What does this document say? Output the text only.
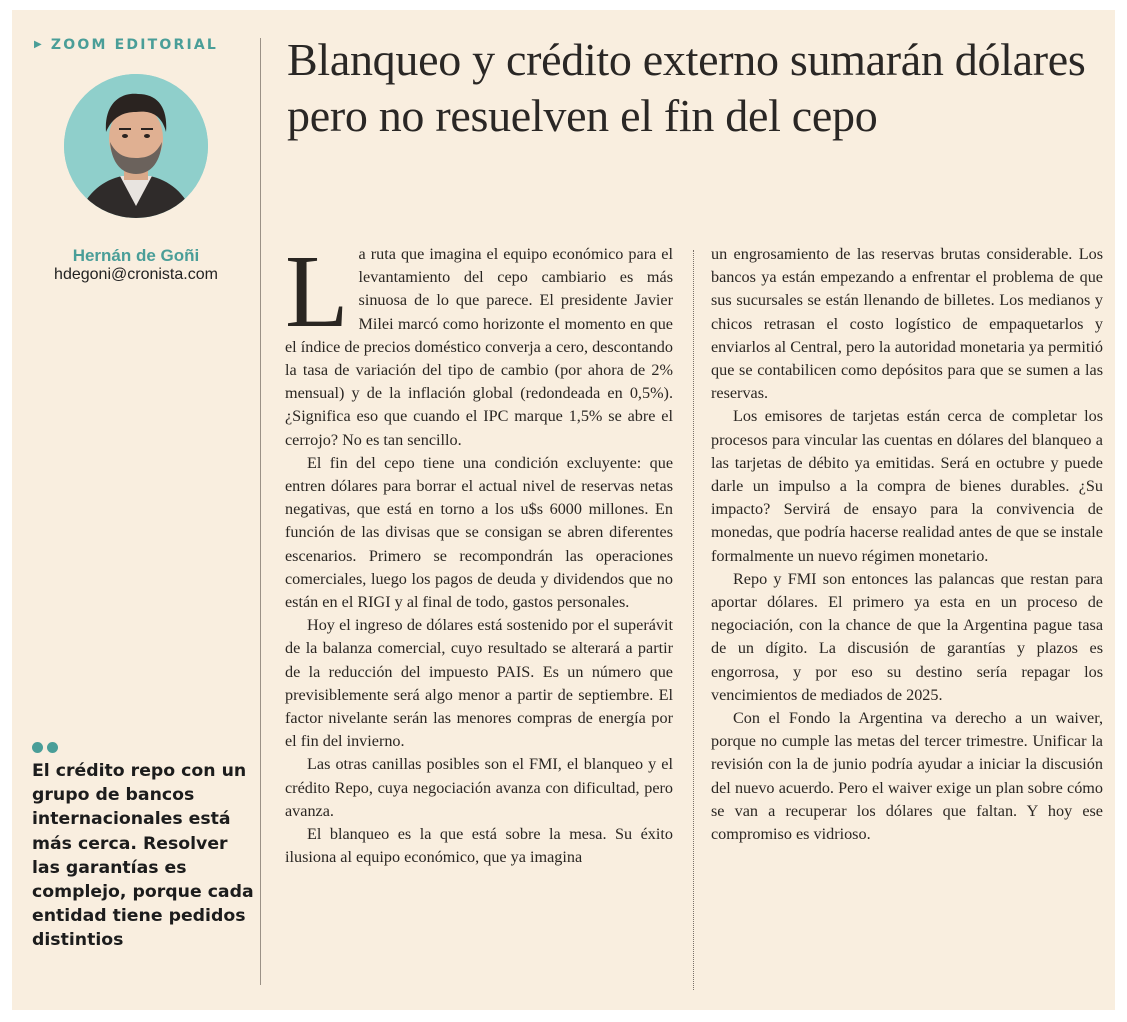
▶ ZOOM EDITORIAL
Hernán de Goñi
hdegoni@cronista.com
El crédito repo con un grupo de bancos internacionales está más cerca. Resolver las garantías es complejo, porque cada entidad tiene pedidos distintios
Blanqueo y crédito externo sumarán dólares pero no resuelven el fin del cepo

La ruta que imagina el equipo económico para el levantamiento del cepo cambiario es más sinuosa de lo que parece. El presidente Javier Milei marcó como horizonte el momento en que el índice de precios doméstico converja a cero, descontando la tasa de variación del tipo de cambio (por ahora de 2% mensual) y de la inflación global (redondeada en 0,5%). ¿Significa eso que cuando el IPC marque 1,5% se abre el cerrojo? No es tan sencillo.

El fin del cepo tiene una condición excluyente: que entren dólares para borrar el actual nivel de reservas netas negativas, que está en torno a los u$s 6000 millones. En función de las divisas que se consigan se abren diferentes escenarios. Primero se recompondrán las operaciones comerciales, luego los pagos de deuda y dividendos que no están en el RIGI y al final de todo, gastos personales.

Hoy el ingreso de dólares está sostenido por el superávit de la balanza comercial, cuyo resultado se alterará a partir de la reducción del impuesto PAIS. Es un número que previsiblemente será algo menor a partir de septiembre. El factor nivelante serán las menores compras de energía por el fin del invierno.

Las otras canillas posibles son el FMI, el blanqueo y el crédito Repo, cuya negociación avanza con dificultad, pero avanza.

El blanqueo es la que está sobre la mesa. Su éxito ilusiona al equipo económico, que ya imagina

un engrosamiento de las reservas brutas considerable. Los bancos ya están empezando a enfrentar el problema de que sus sucursales se están llenando de billetes. Los medianos y chicos retrasan el costo logístico de empaquetarlos y enviarlos al Central, pero la autoridad monetaria ya permitió que se contabilicen como depósitos para que se sumen a las reservas.

Los emisores de tarjetas están cerca de completar los procesos para vincular las cuentas en dólares del blanqueo a las tarjetas de débito ya emitidas. Será en octubre y puede darle un impulso a la compra de bienes durables. ¿Su impacto? Servirá de ensayo para la convivencia de monedas, que podría hacerse realidad antes de que se instale formalmente un nuevo régimen monetario.

Repo y FMI son entonces las palancas que restan para aportar dólares. El primero ya esta en un proceso de negociación, con la chance de que la Argentina pague tasa de un dígito. La discusión de garantías y plazos es engorrosa, y por eso su destino sería repagar los vencimientos de mediados de 2025.

Con el Fondo la Argentina va derecho a un waiver, porque no cumple las metas del tercer trimestre. Unificar la revisión con la de junio podría ayudar a iniciar la discusión del nuevo acuerdo. Pero el waiver exige un plan sobre cómo se van a recuperar los dólares que faltan. Y hoy ese compromiso es vidrioso.
